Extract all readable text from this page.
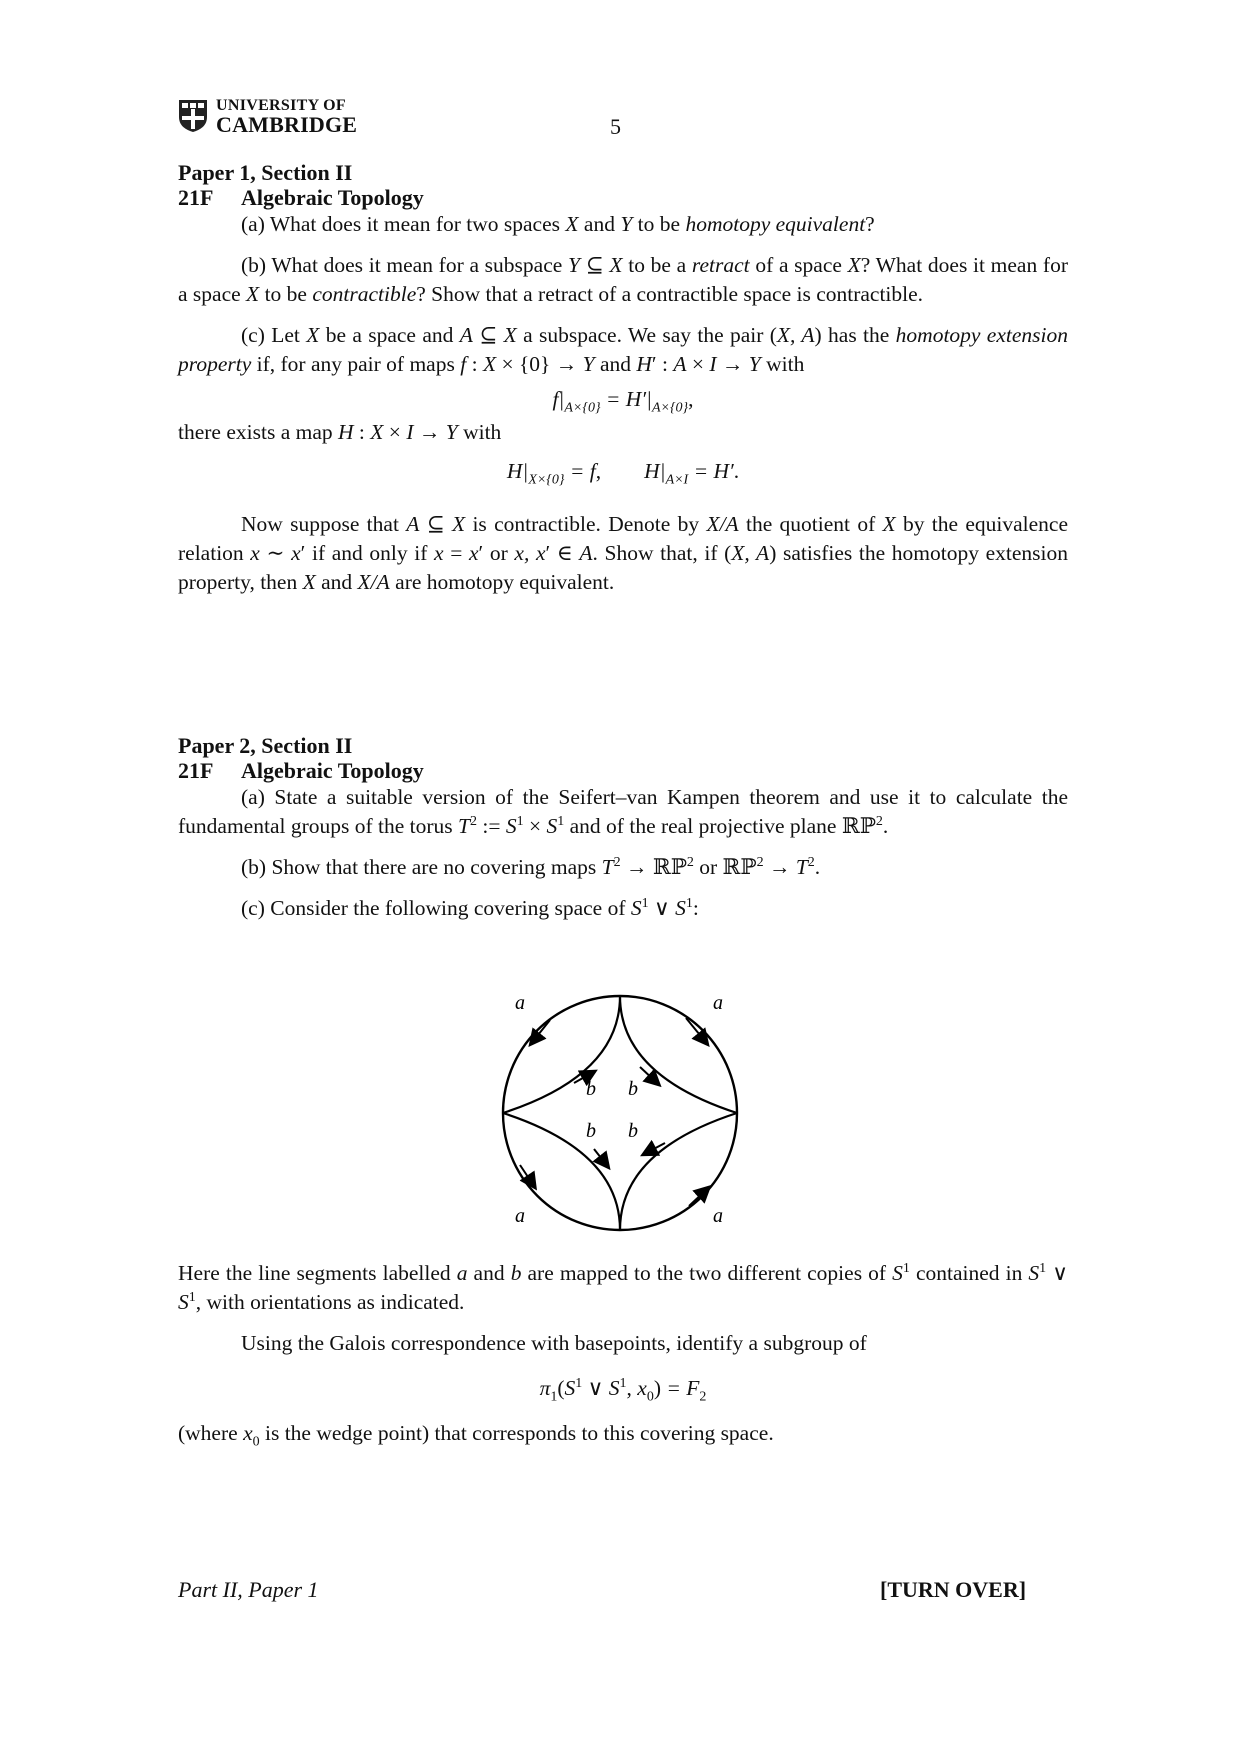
UNIVERSITY OF
CAMBRIDGE	5
Paper 1, Section II
21F Algebraic Topology

(a) What does it mean for two spaces X and Y to be homotopy equivalent?

(b) What does it mean for a subspace Y ⊆ X to be a retract of a space X? What does it mean for a space X to be contractible? Show that a retract of a contractible space is contractible.

(c) Let X be a space and A ⊆ X a subspace. We say the pair (X, A) has the homotopy extension property if, for any pair of maps f : X × {0} → Y and H′ : A × I → Y with

$f|_{A\times\{0\}} = H'|_{A\times\{0\}}$,

there exists a map H : X × I → Y with

$H|_{X\times\{0\}} = f$,        $H|_{A\times I} = H'$.

Now suppose that A ⊆ X is contractible. Denote by X/A the quotient of X by the equivalence relation x ∼ x′ if and only if x = x′ or x, x′ ∈ A. Show that, if (X, A) satisfies the homotopy extension property, then X and X/A are homotopy equivalent.

Paper 2, Section II
21F Algebraic Topology

(a) State a suitable version of the Seifert–van Kampen theorem and use it to calculate the fundamental groups of the torus $T^2$ := $S^1 \times S^1$ and of the real projective plane ℝℙ$^2$.

(b) Show that there are no covering maps $T^2$ → ℝℙ$^2$ or ℝℙ$^2$ → $T^2$.

(c) Consider the following covering space of $S^1$ ∨ $S^1$:

a	a
a	a
b b
b b

Here the line segments labelled a and b are mapped to the two different copies of $S^1$ contained in $S^1$ ∨ $S^1$, with orientations as indicated.

Using the Galois correspondence with basepoints, identify a subgroup of

$\pi_1(S^1$ ∨ $S^1$, $x_0) = F_2$

(where $x_0$ is the wedge point) that corresponds to this covering space.

Part II, Paper 1	[TURN OVER]
